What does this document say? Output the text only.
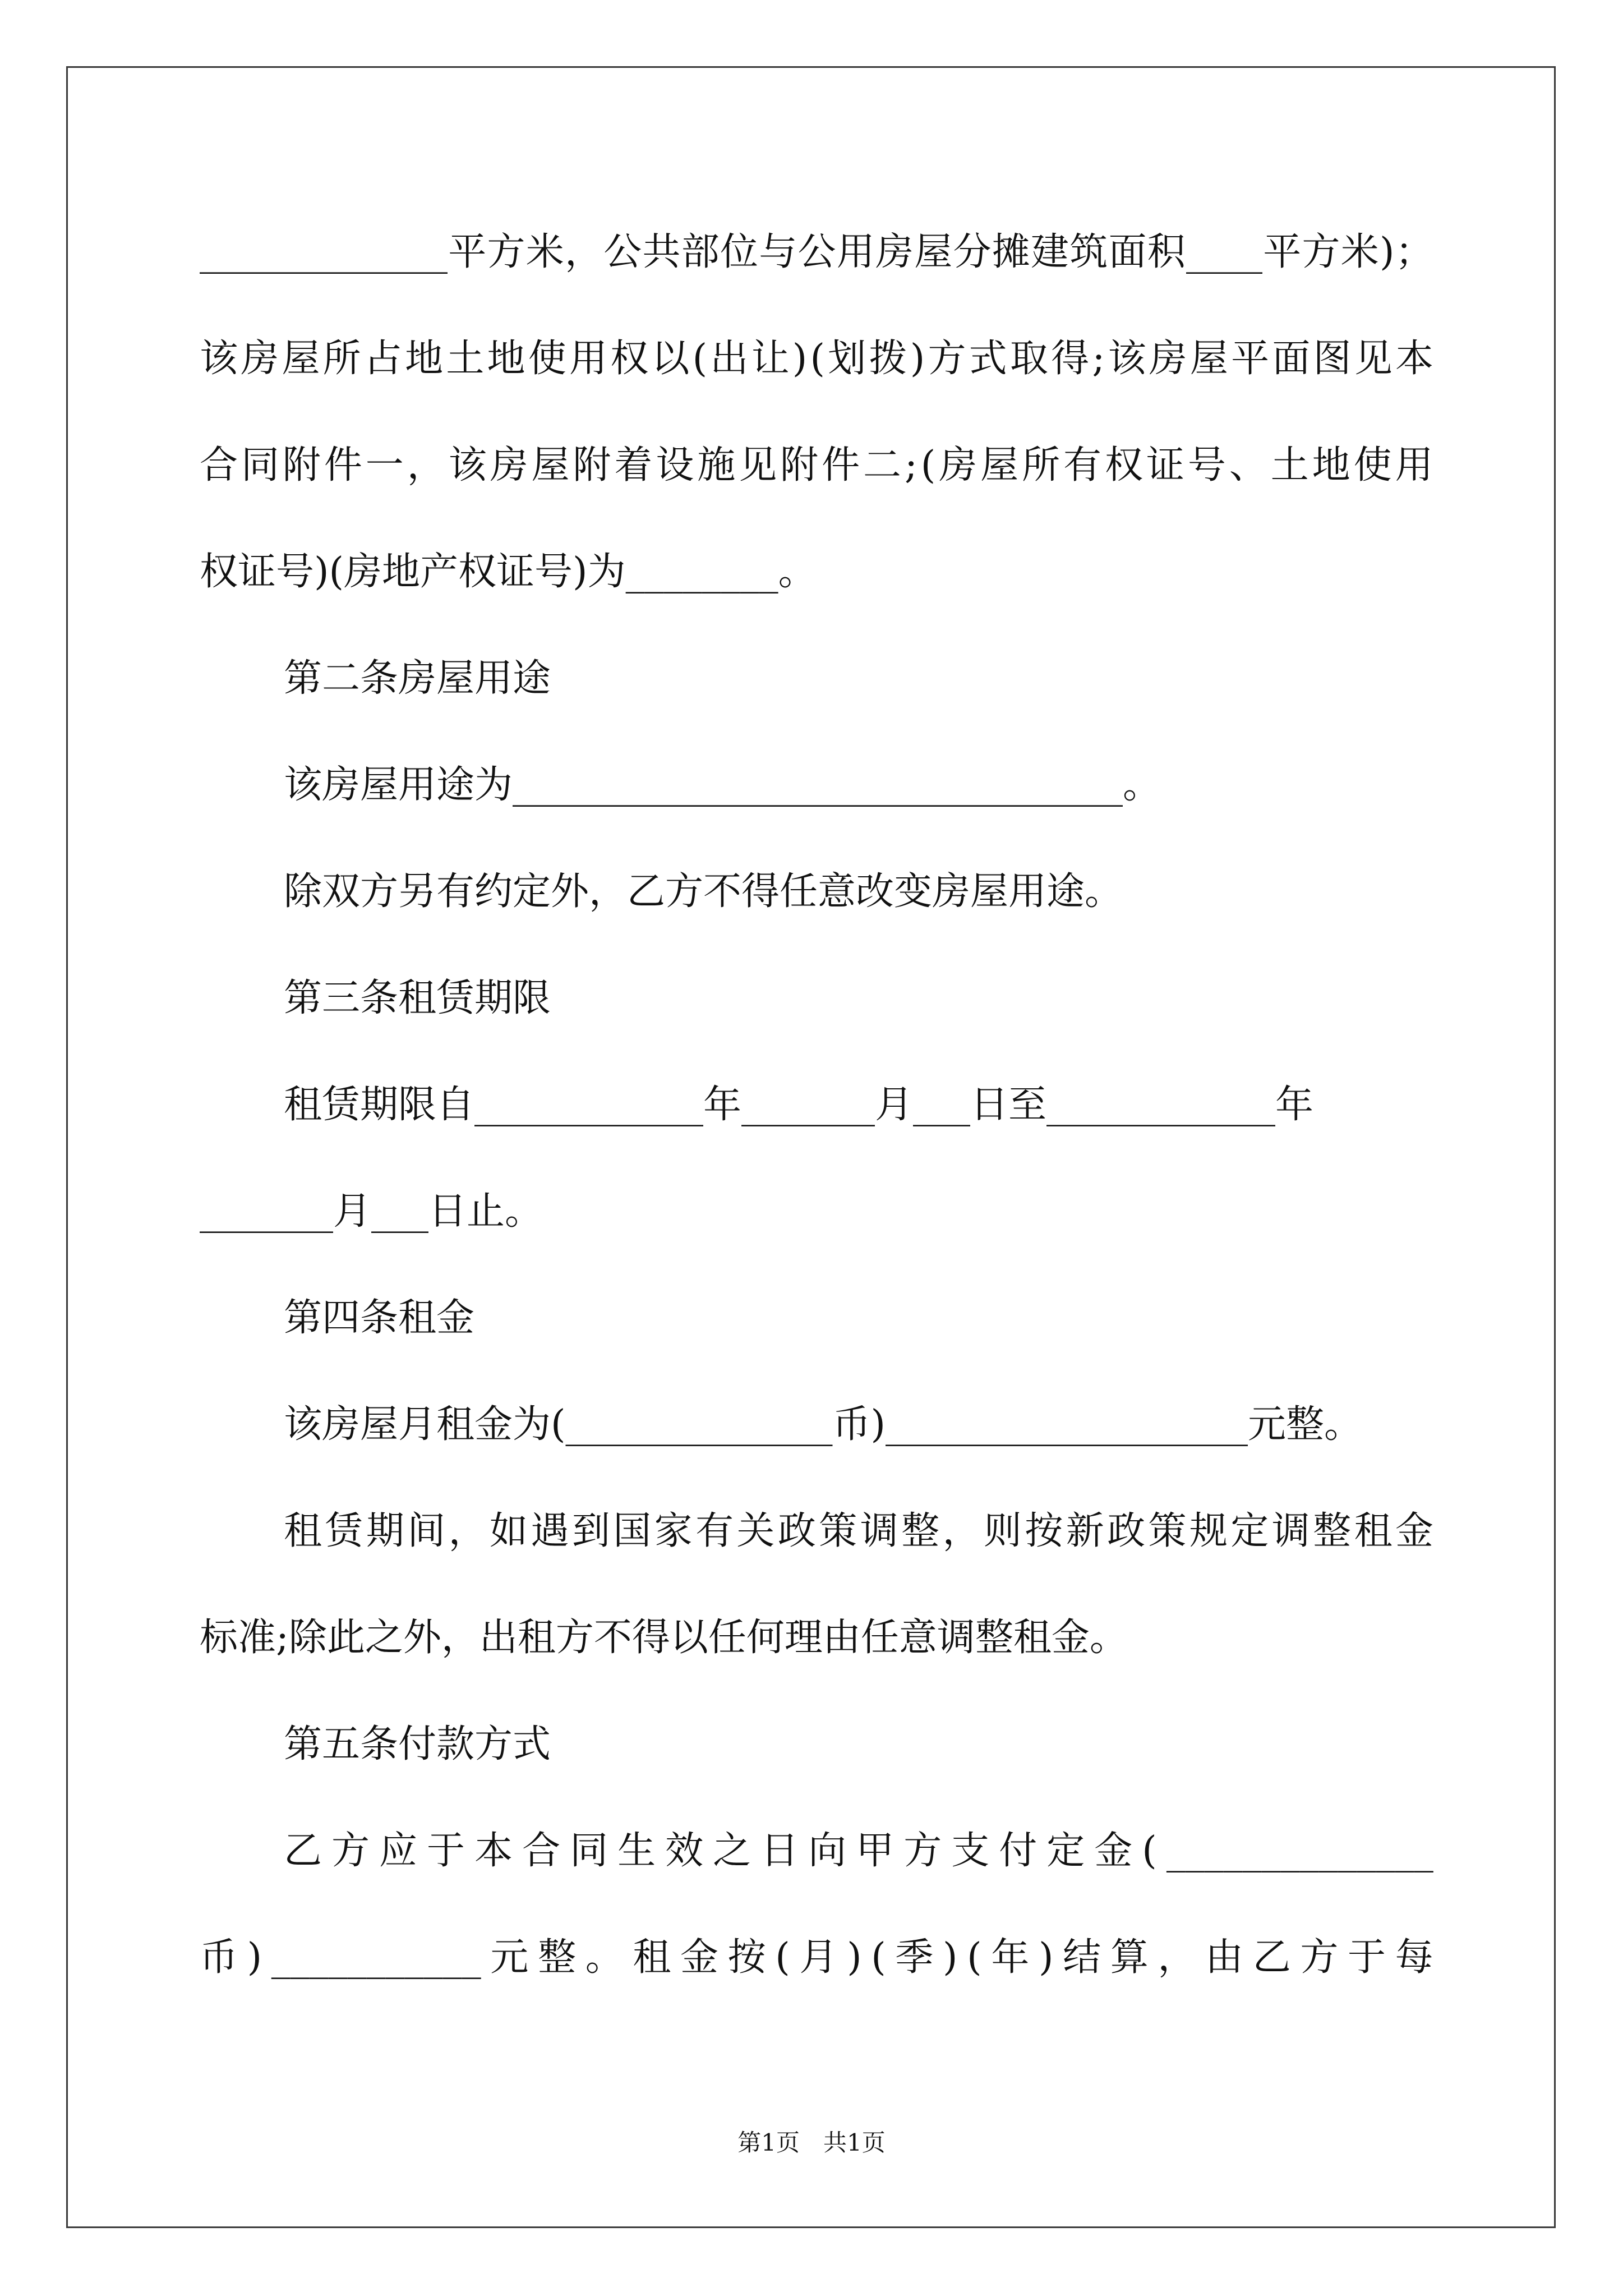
_____________ 平 方 米 ， 公 共 部 位 与 公 用 房 屋 分 摊 建 筑 面 积 ____ 平 方 米 ) ；
该 房 屋 所 占 地 土 地 使 用 权 以 ( 出 让 ) ( 划 拨 ) 方 式 取 得 ; 该 房 屋 平 面 图 见 本
合 同 附 件 一 ， 该 房 屋 附 着 设 施 见 附 件 二 ; ( 房 屋 所 有 权 证 号 、 土 地 使 用
权证号)(房地产权证号)为________。
第二条房屋用途
该房屋用途为________________________________。
除双方另有约定外，乙方不得任意改变房屋用途。
第三条租赁期限
租赁期限自____________年_______月___日至____________年
_______月___日止。
第四条租金
该房屋月租金为(______________币)___________________元整。
租 赁 期 间 ， 如 遇 到 国 家 有 关 政 策 调 整 ， 则 按 新 政 策 规 定 调 整 租 金
标准;除此之外，出租方不得以任何理由任意调整租金。
第五条付款方式
乙 方 应 于 本 合 同 生 效 之 日 向 甲 方 支 付 定 金 ( ______________
币 ) ___________ 元 整 。 租 金 按 ( 月 ) ( 季 ) ( 年 ) 结 算 ， 由 乙 方 于 每
第1页　共1页
